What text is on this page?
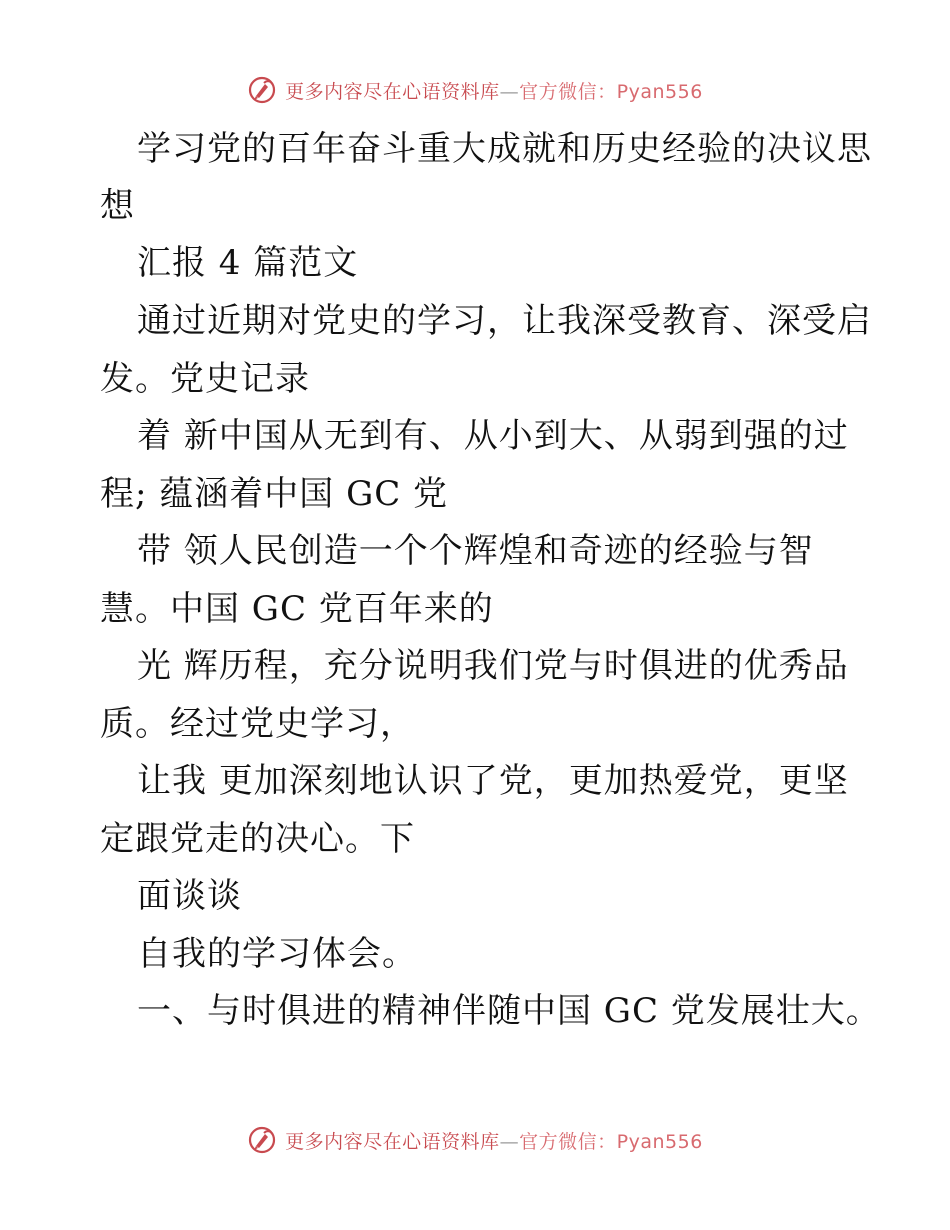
更多内容尽在心语资料库—官方微信：Pyan556
学习党的百年奋斗重大成就和历史经验的决议思
想
汇报 4 篇范文
通过近期对党史的学习，让我深受教育、深受启
发。党史记录
着 新中国从无到有、从小到大、从弱到强的过
程; 蕴涵着中国 GC 党
带 领人民创造一个个辉煌和奇迹的经验与智
慧。中国 GC 党百年来的
光 辉历程，充分说明我们党与时俱进的优秀品
质。经过党史学习，
让我 更加深刻地认识了党，更加热爱党，更坚
定跟党走的决心。下
面谈谈
自我的学习体会。
一、与时俱进的精神伴随中国 GC 党发展壮大。
更多内容尽在心语资料库—官方微信：Pyan556
